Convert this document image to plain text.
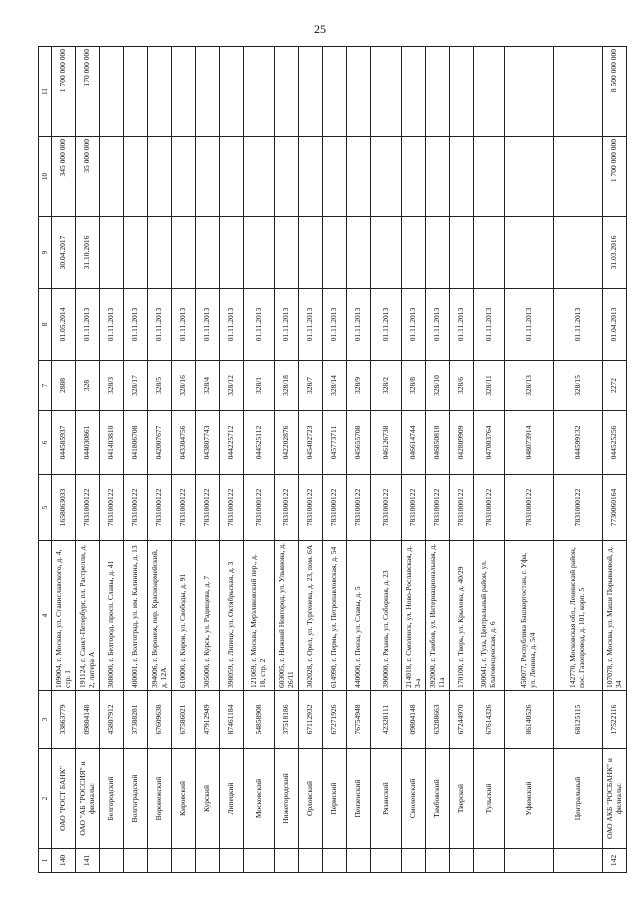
25
1	2	3	4	5	6	7	8	9	10	11
140	ОАО "РОСТ БАНК"	33863779	109004, г. Москва, ул. Станиславского, д. 4, стр. 1	1658063033	044585937	2888	01.05.2014	30.04.2017	345 000 000	1 700 000 000
141	ОАО "АБ "РОССИЯ" и филиалы:	09804148	191124, г. Санкт-Петербург, пл. Растрелли, д. 2, литера А	7831000122	044030861	328	01.11.2013	31.10.2016	35 000 000	170 000 000
	Белгородский	45807912	308000, г. Белгород, просп. Славы, д. 41	7831000122	041403810	328/3	01.11.2013			
	Волгоградский	37388281	400001, г. Волгоград, ул. им. Калинина, д. 13	7831000122	041806708	328/17	01.11.2013			
	Воронежский	67609638	394006, г. Воронеж, пер. Красноармейский, д. 12А	7831000122	042007677	328/5	01.11.2013			
	Кировский	67586021	610000, г. Киров, ул. Свободы, д. 91	7831000122	043304756	328/16	01.11.2013			
	Курский	47912949	305000, г. Курск, ул. Радищева, д. 7	7831000122	043807743	328/4	01.11.2013			
	Липецкий	87461184	398059, г. Липецк, ул. Октябрьская, д. 3	7831000122	044225712	328/12	01.11.2013			
	Московский	54858908	121069, г. Москва, Мерзляковский пер., д. 18, стр. 2	7831000122	044525112	328/1	01.11.2013			
	Нижегородский	37518186	603005, г. Нижний Новгород, ул. Ульянова, д. 26/11	7831000122	042202876	328/18	01.11.2013			
	Орловский	67112932	302028, г. Орел, ул. Тургенева, д. 23, пом. 6А	7831000122	045402723	328/7	01.11.2013			
	Пермский	67271926	614990, г. Пермь, ул. Петропавловская, д. 54	7831000122	045773711	328/14	01.11.2013			
	Пензенский	76754948	440000, г. Пенза, ул. Славы, д. 5	7831000122	045655708	328/9	01.11.2013			
	Рязанский	42328111	390000, г. Рязань, ул. Соборная, д. 23	7831000122	046126738	328/2	01.11.2013			
	Смоленский	09804148	214018, г. Смоленск, ул. Ново-Рославская, д. 3-а	7831000122	046614744	328/8	01.11.2013			
	Тамбовский	63288663	392000, г. Тамбов, ул. Интернациональная, д. 11а	7831000122	046850810	328/10	01.11.2013			
	Тверской	67244970	170100, г. Тверь, ул. Крылова, д. 40/29	7831000122	042809909	328/6	01.11.2013			
	Тульский	67614326	300041, г. Тула, Центральный район, ул. Благовещенская, д. 6	7831000122	047003764	328/11	01.11.2013			
	Уфимский	86140526	450077, Республика Башкортостан, г. Уфа, ул. Ленина, д. 5/4	7831000122	048073914	328/13	01.11.2013			
	Центральный	68125115	142770, Московская обл., Ленинский район, пос. Газопровод, д. 101, корп. 5	7831000122	044599132	328/15	01.11.2013			
142	ОАО АКБ "РОСБАНК" и филиалы:	17522116	107078, г. Москва, ул. Маши Порываевой, д. 34	7730060164	044525256	2272	01.04.2013	31.03.2016	1 700 000 000	8 500 000 000
